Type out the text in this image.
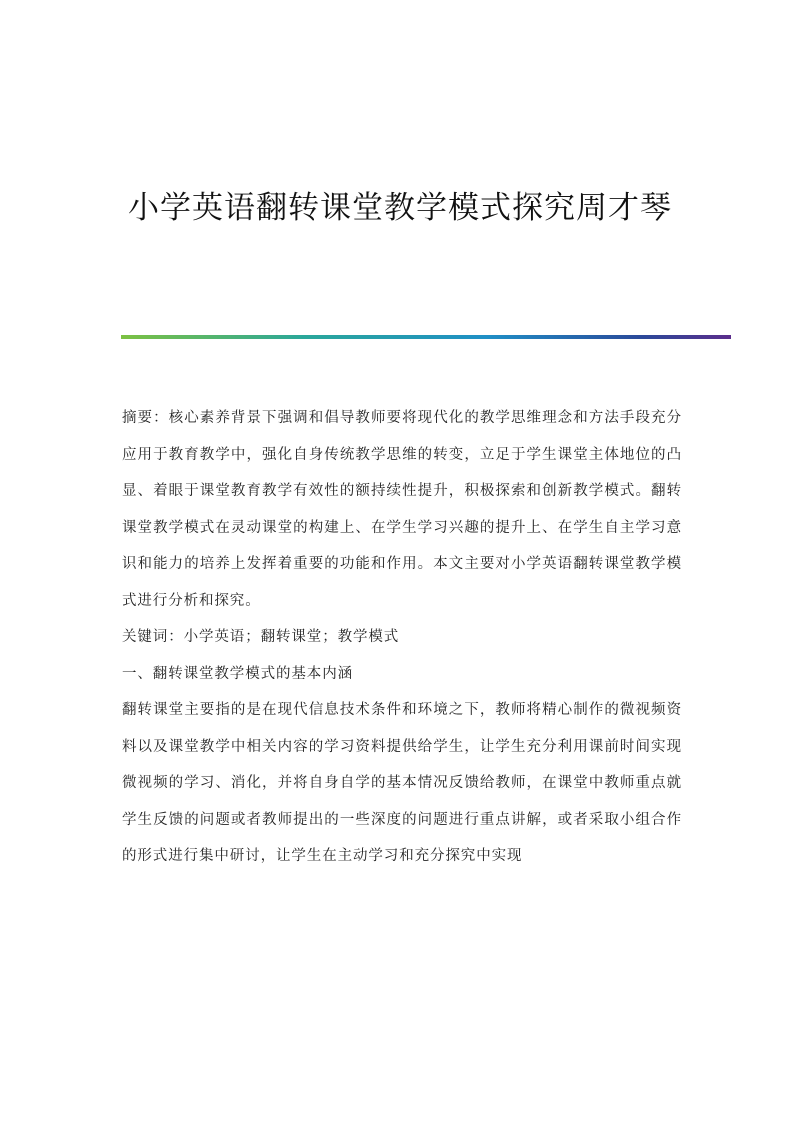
小学英语翻转课堂教学模式探究周才琴

摘要：核心素养背景下强调和倡导教师要将现代化的教学思维理念和方法手段充分应用于教育教学中，强化自身传统教学思维的转变，立足于学生课堂主体地位的凸显、着眼于课堂教育教学有效性的额持续性提升，积极探索和创新教学模式。翻转课堂教学模式在灵动课堂的构建上、在学生学习兴趣的提升上、在学生自主学习意识和能力的培养上发挥着重要的功能和作用。本文主要对小学英语翻转课堂教学模式进行分析和探究。

关键词：小学英语；翻转课堂；教学模式

一、翻转课堂教学模式的基本内涵

翻转课堂主要指的是在现代信息技术条件和环境之下，教师将精心制作的微视频资料以及课堂教学中相关内容的学习资料提供给学生，让学生充分利用课前时间实现微视频的学习、消化，并将自身自学的基本情况反馈给教师，在课堂中教师重点就学生反馈的问题或者教师提出的一些深度的问题进行重点讲解，或者采取小组合作的形式进行集中研讨，让学生在主动学习和充分探究中实现
